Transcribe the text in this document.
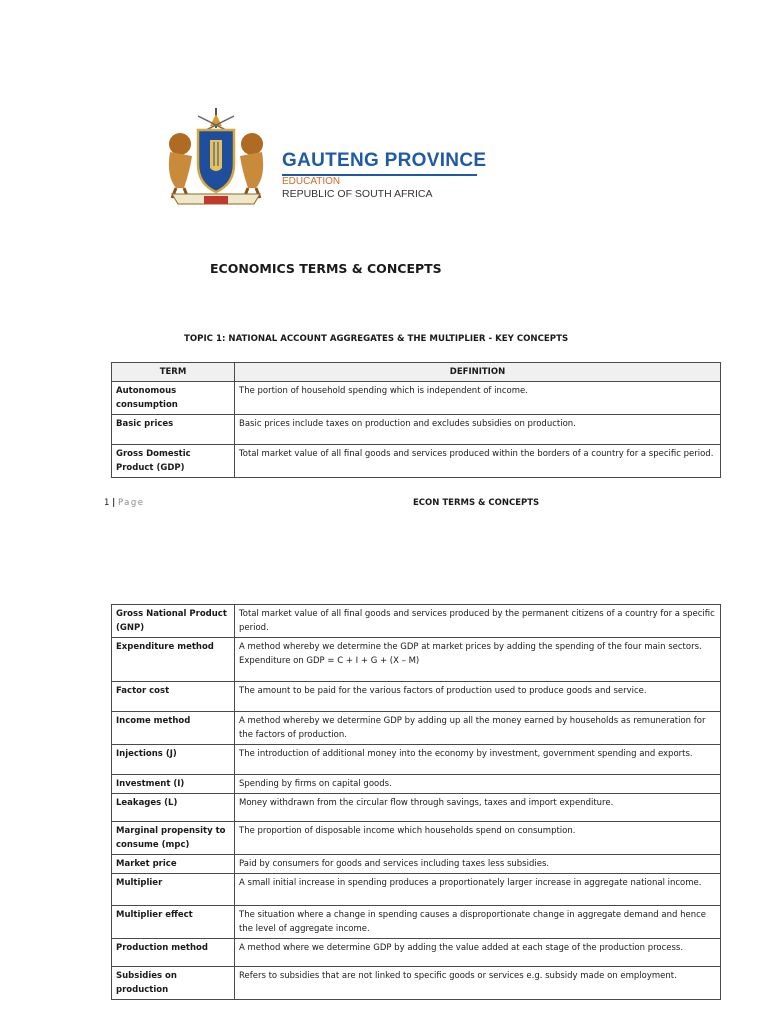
GAUTENG PROVINCE
EDUCATION
REPUBLIC OF SOUTH AFRICA
ECONOMICS TERMS & CONCEPTS
TOPIC 1: NATIONAL ACCOUNT AGGREGATES & THE MULTIPLIER - KEY CONCEPTS
TERM	DEFINITION
Autonomous consumption	The portion of household spending which is independent of income.
Basic prices	Basic prices include taxes on production and excludes subsidies on production.
Gross Domestic Product (GDP)	Total market value of all final goods and services produced within the borders of a country for a specific period.
1 | Page	ECON TERMS & CONCEPTS
Gross National Product (GNP)	Total market value of all final goods and services produced by the permanent citizens of a country for a specific period.
Expenditure method	A method whereby we determine the GDP at market prices by adding the spending of the four main sectors. Expenditure on GDP = C + I + G + (X – M)
Factor cost	The amount to be paid for the various factors of production used to produce goods and service.
Income method	A method whereby we determine GDP by adding up all the money earned by households as remuneration for the factors of production.
Injections (J)	The introduction of additional money into the economy by investment, government spending and exports.
Investment (I)	Spending by firms on capital goods.
Leakages (L)	Money withdrawn from the circular flow through savings, taxes and import expenditure.
Marginal propensity to consume (mpc)	The proportion of disposable income which households spend on consumption.
Market price	Paid by consumers for goods and services including taxes less subsidies.
Multiplier	A small initial increase in spending produces a proportionately larger increase in aggregate national income.
Multiplier effect	The situation where a change in spending causes a disproportionate change in aggregate demand and hence the level of aggregate income.
Production method	A method where we determine GDP by adding the value added at each stage of the production process.
Subsidies on production	Refers to subsidies that are not linked to specific goods or services e.g. subsidy made on employment.
